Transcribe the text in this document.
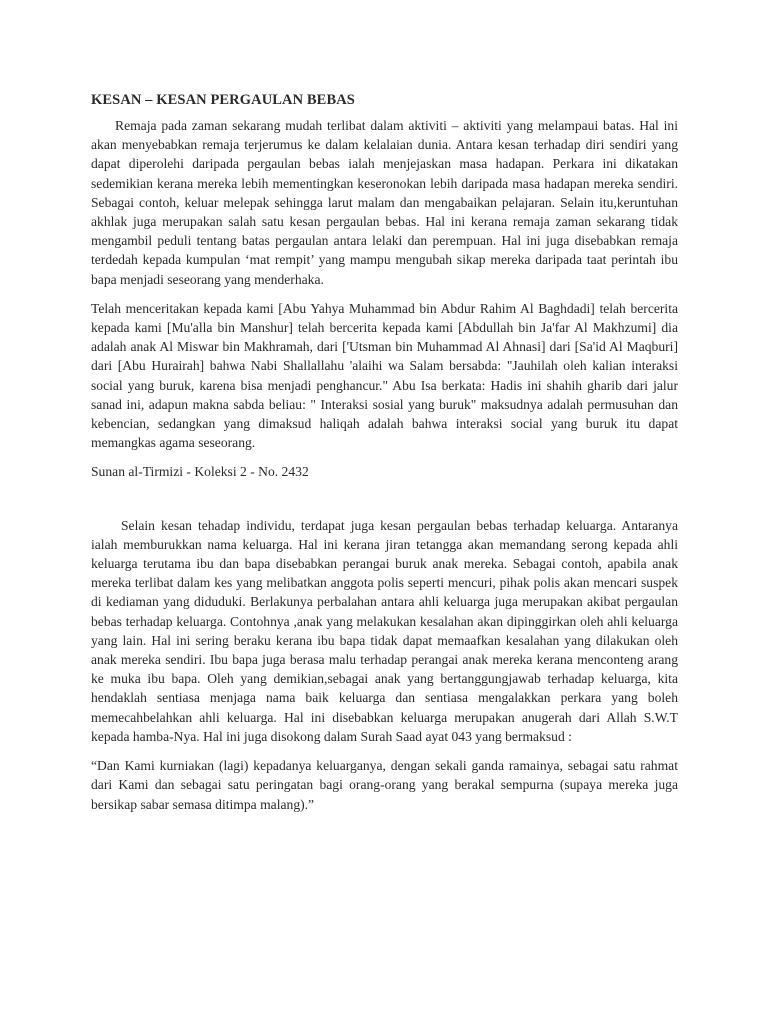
KESAN – KESAN PERGAULAN BEBAS

Remaja pada zaman sekarang mudah terlibat dalam aktiviti – aktiviti yang melampaui batas. Hal ini akan menyebabkan remaja terjerumus ke dalam kelalaian dunia. Antara kesan terhadap diri sendiri yang dapat diperolehi daripada pergaulan bebas ialah menjejaskan masa hadapan. Perkara ini dikatakan sedemikian kerana mereka lebih mementingkan keseronokan lebih daripada masa hadapan mereka sendiri. Sebagai contoh, keluar melepak sehingga larut malam dan mengabaikan pelajaran. Selain itu,keruntuhan akhlak juga merupakan salah satu kesan pergaulan bebas. Hal ini kerana remaja zaman sekarang tidak mengambil peduli tentang batas pergaulan antara lelaki dan perempuan. Hal ini juga disebabkan remaja terdedah kepada kumpulan ‘mat rempit’ yang mampu mengubah sikap mereka daripada taat perintah ibu bapa menjadi seseorang yang menderhaka.

Telah menceritakan kepada kami [Abu Yahya Muhammad bin Abdur Rahim Al Baghdadi] telah bercerita kepada kami [Mu'alla bin Manshur] telah bercerita kepada kami [Abdullah bin Ja'far Al Makhzumi] dia adalah anak Al Miswar bin Makhramah, dari ['Utsman bin Muhammad Al Ahnasi] dari [Sa'id Al Maqburi] dari [Abu Hurairah] bahwa Nabi Shallallahu 'alaihi wa Salam bersabda: "Jauhilah oleh kalian interaksi social yang buruk, karena bisa menjadi penghancur." Abu Isa berkata: Hadis ini shahih gharib dari jalur sanad ini, adapun makna sabda beliau: " Interaksi sosial yang buruk" maksudnya adalah permusuhan dan kebencian, sedangkan yang dimaksud haliqah adalah bahwa interaksi social yang buruk itu dapat memangkas agama seseorang.

Sunan al-Tirmizi - Koleksi 2 - No. 2432

Selain kesan tehadap individu, terdapat juga kesan pergaulan bebas terhadap keluarga. Antaranya ialah memburukkan nama keluarga. Hal ini kerana jiran tetangga akan memandang serong kepada ahli keluarga terutama ibu dan bapa disebabkan perangai buruk anak mereka. Sebagai contoh, apabila anak mereka terlibat dalam kes yang melibatkan anggota polis seperti mencuri, pihak polis akan mencari suspek di kediaman yang diduduki. Berlakunya perbalahan antara ahli keluarga juga merupakan akibat pergaulan bebas terhadap keluarga. Contohnya ,anak yang melakukan kesalahan akan dipinggirkan oleh ahli keluarga yang lain. Hal ini sering beraku kerana ibu bapa tidak dapat memaafkan kesalahan yang dilakukan oleh anak mereka sendiri. Ibu bapa juga berasa malu terhadap perangai anak mereka kerana menconteng arang ke muka ibu bapa. Oleh yang demikian,sebagai anak yang bertanggungjawab terhadap keluarga, kita hendaklah sentiasa menjaga nama baik keluarga dan sentiasa mengalakkan perkara yang boleh memecahbelahkan ahli keluarga. Hal ini disebabkan keluarga merupakan anugerah dari Allah S.W.T kepada hamba-Nya. Hal ini juga disokong dalam Surah Saad ayat 043 yang bermaksud :

“Dan Kami kurniakan (lagi) kepadanya keluarganya, dengan sekali ganda ramainya, sebagai satu rahmat dari Kami dan sebagai satu peringatan bagi orang-orang yang berakal sempurna (supaya mereka juga bersikap sabar semasa ditimpa malang).”
